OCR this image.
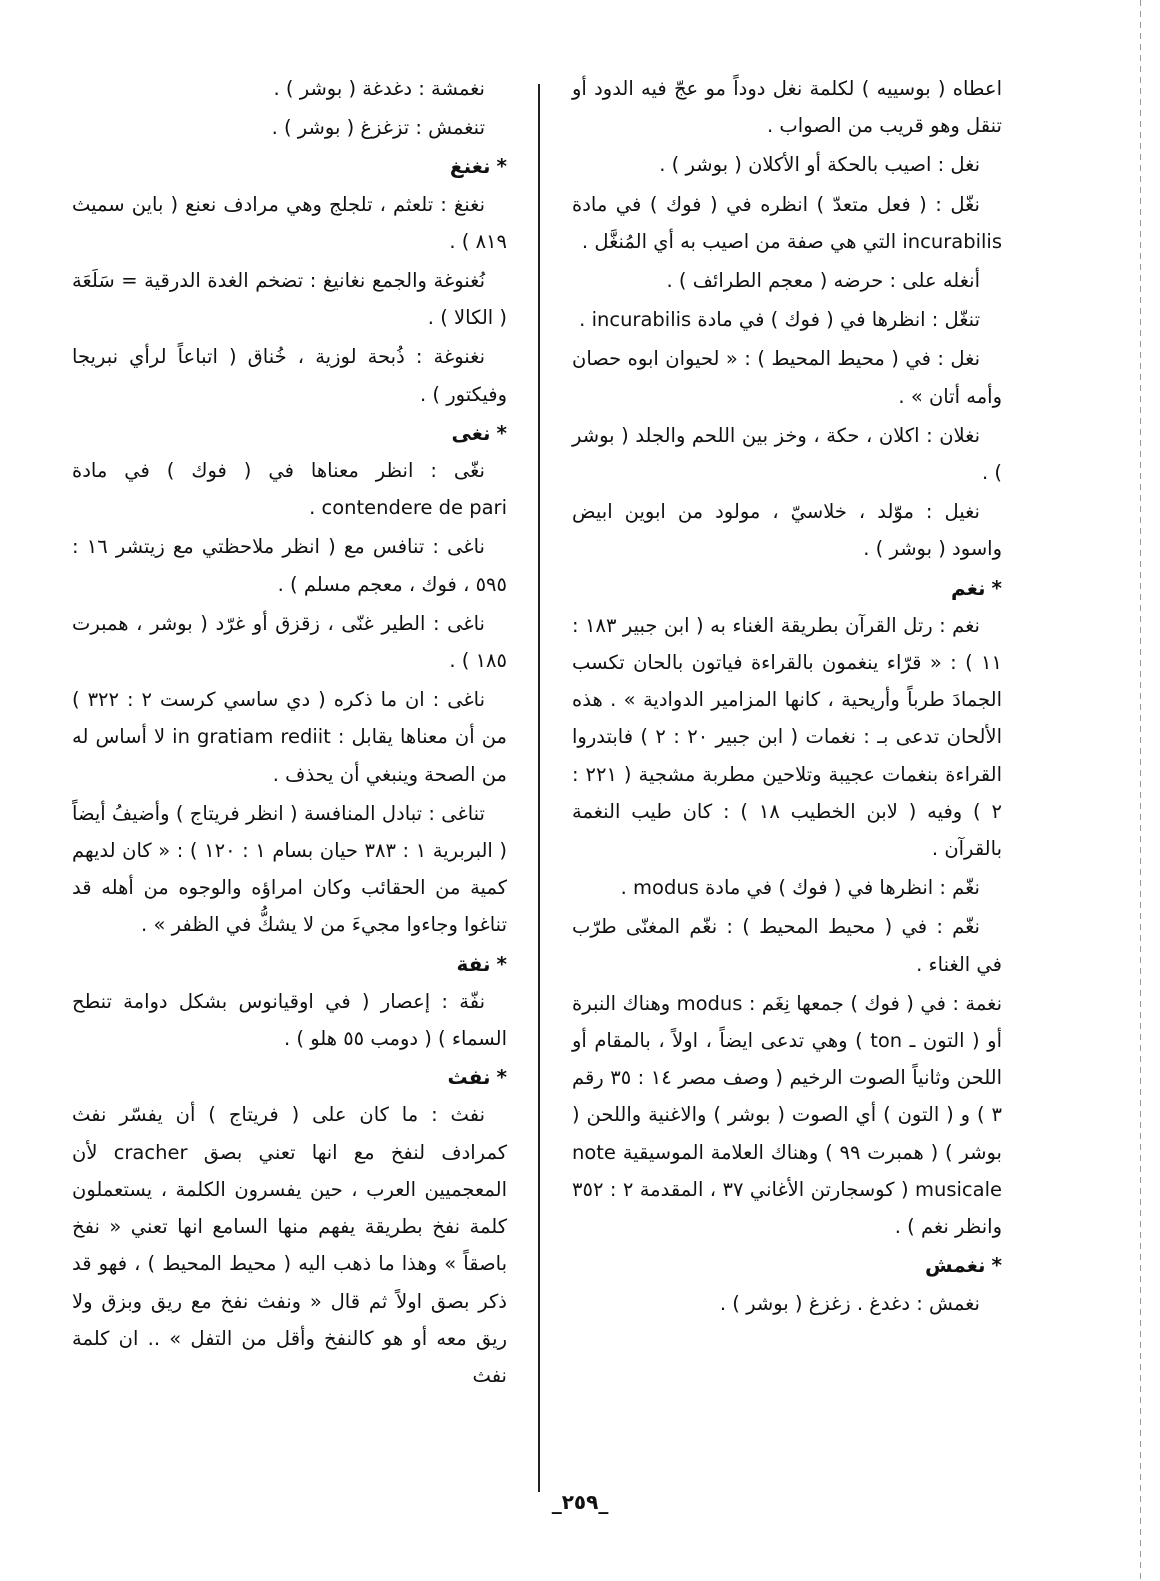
اعطاه ( بوسييه ) لكلمة نغل دوداً مو عجّ فيه الدود أو تنقل وهو قريب من الصواب .

نغل : اصيب بالحكة أو الأكلان ( بوشر ) .

نغّل : ( فعل متعدّ ) انظره في ( فوك ) في مادة incurabilis التي هي صفة من اصيب به أي المُنغَّل .

أنغله على : حرضه ( معجم الطرائف ) .

تنغّل : انظرها في ( فوك ) في مادة incurabilis .

نغل : في ( محيط المحيط ) : « لحيوان ابوه حصان وأمه أتان » .

نغلان : اكلان ، حكة ، وخز بين اللحم والجلد ( بوشر ) .

نغيل : موّلد ، خلاسيّ ، مولود من ابوين ابيض واسود ( بوشر ) .

*نغم

نغم : رتل القرآن بطريقة الغناء به ( ابن جبير ١٨٣ : ١١ ) : « قرّاء ينغمون بالقراءة فياتون بالحان تكسب الجمادَ طرباً وأريحية ، كانها المزامير الدوادية » . هذه الألحان تدعى بـ : نغمات ( ابن جبير ٢٠ : ٢ ) فابتدروا القراءة بنغمات عجيبة وتلاحين مطربة مشجية ( ٢٢١ : ٢ ) وفيه ( لابن الخطيب ١٨ ) : كان طيب النغمة بالقرآن .

نغّم : انظرها في ( فوك ) في مادة modus .

نغّم : في ( محيط المحيط ) : نغّم المغنّى طرّب في الغناء .

نغمة : في ( فوك ) جمعها نِغَم : modus وهناك النبرة أو ( التون ـ ton ) وهي تدعى ايضاً ، اولاً ، بالمقام أو اللحن وثانياً الصوت الرخيم ( وصف مصر ١٤ : ٣٥ رقم ٣ ) و ( التون ) أي الصوت ( بوشر ) والاغنية واللحن ( بوشر ) ( همبرت ٩٩ ) وهناك العلامة الموسيقية note musicale ( كوسجارتن الأغاني ٣٧ ، المقدمة ٢ : ٣٥٢ وانظر نغم ) .

*نغمش

نغمش : دغدغ . زغزغ ( بوشر ) .

نغمشة : دغدغة ( بوشر ) .

تنغمش : تزغزغ ( بوشر ) .

*نغنغ

نغنغ : تلعثم ، تلجلج وهي مرادف نعنع ( باين سميث ٨١٩ ) .

نُغنوغة والجمع نغانيغ : تضخم الغدة الدرقية = سَلَعَة ( الكالا ) .

نغنوغة : ذُبحة لوزية ، خُناق ( اتباعاً لرأي نبريجا وفيكتور ) .

*نغى

نغّى : انظر معناها في ( فوك ) في مادة contendere de pari .

ناغى : تنافس مع ( انظر ملاحظتي مع زيتشر ١٦ : ٥٩٥ ، فوك ، معجم مسلم ) .

ناغى : الطير غنّى ، زقزق أو غرّد ( بوشر ، همبرت ١٨٥ ) .

ناغى : ان ما ذكره ( دي ساسي كرست ٢ : ٣٢٢ ) من أن معناها يقابل : in gratiam rediit لا أساس له من الصحة وينبغي أن يحذف .

تناغى : تبادل المنافسة ( انظر فريتاج ) وأضيفُ أيضاً ( البربرية ١ : ٣٨٣ حيان بسام ١ : ١٢٠ ) : « كان لديهم كمية من الحقائب وكان امراؤه والوجوه من أهله قد تناغوا وجاءوا مجيءَ من لا يشكُّ في الظفر » .

*نفة

نفّة : إعصار ( في اوقيانوس بشكل دوامة تنطح السماء ) ( دومب ٥٥ هلو ) .

*نفث

نفث : ما كان على ( فريتاج ) أن يفسّر نفث كمرادف لنفخ مع انها تعني بصق cracher لأن المعجميين العرب ، حين يفسرون الكلمة ، يستعملون كلمة نفخ بطريقة يفهم منها السامع انها تعني « نفخ باصقاً » وهذا ما ذهب اليه ( محيط المحيط ) ، فهو قد ذكر بصق اولاً ثم قال « ونفث نفخ مع ريق وبزق ولا ريق معه أو هو كالنفخ وأقل من التفل » .. ان كلمة نفث

_٢٥٩_
